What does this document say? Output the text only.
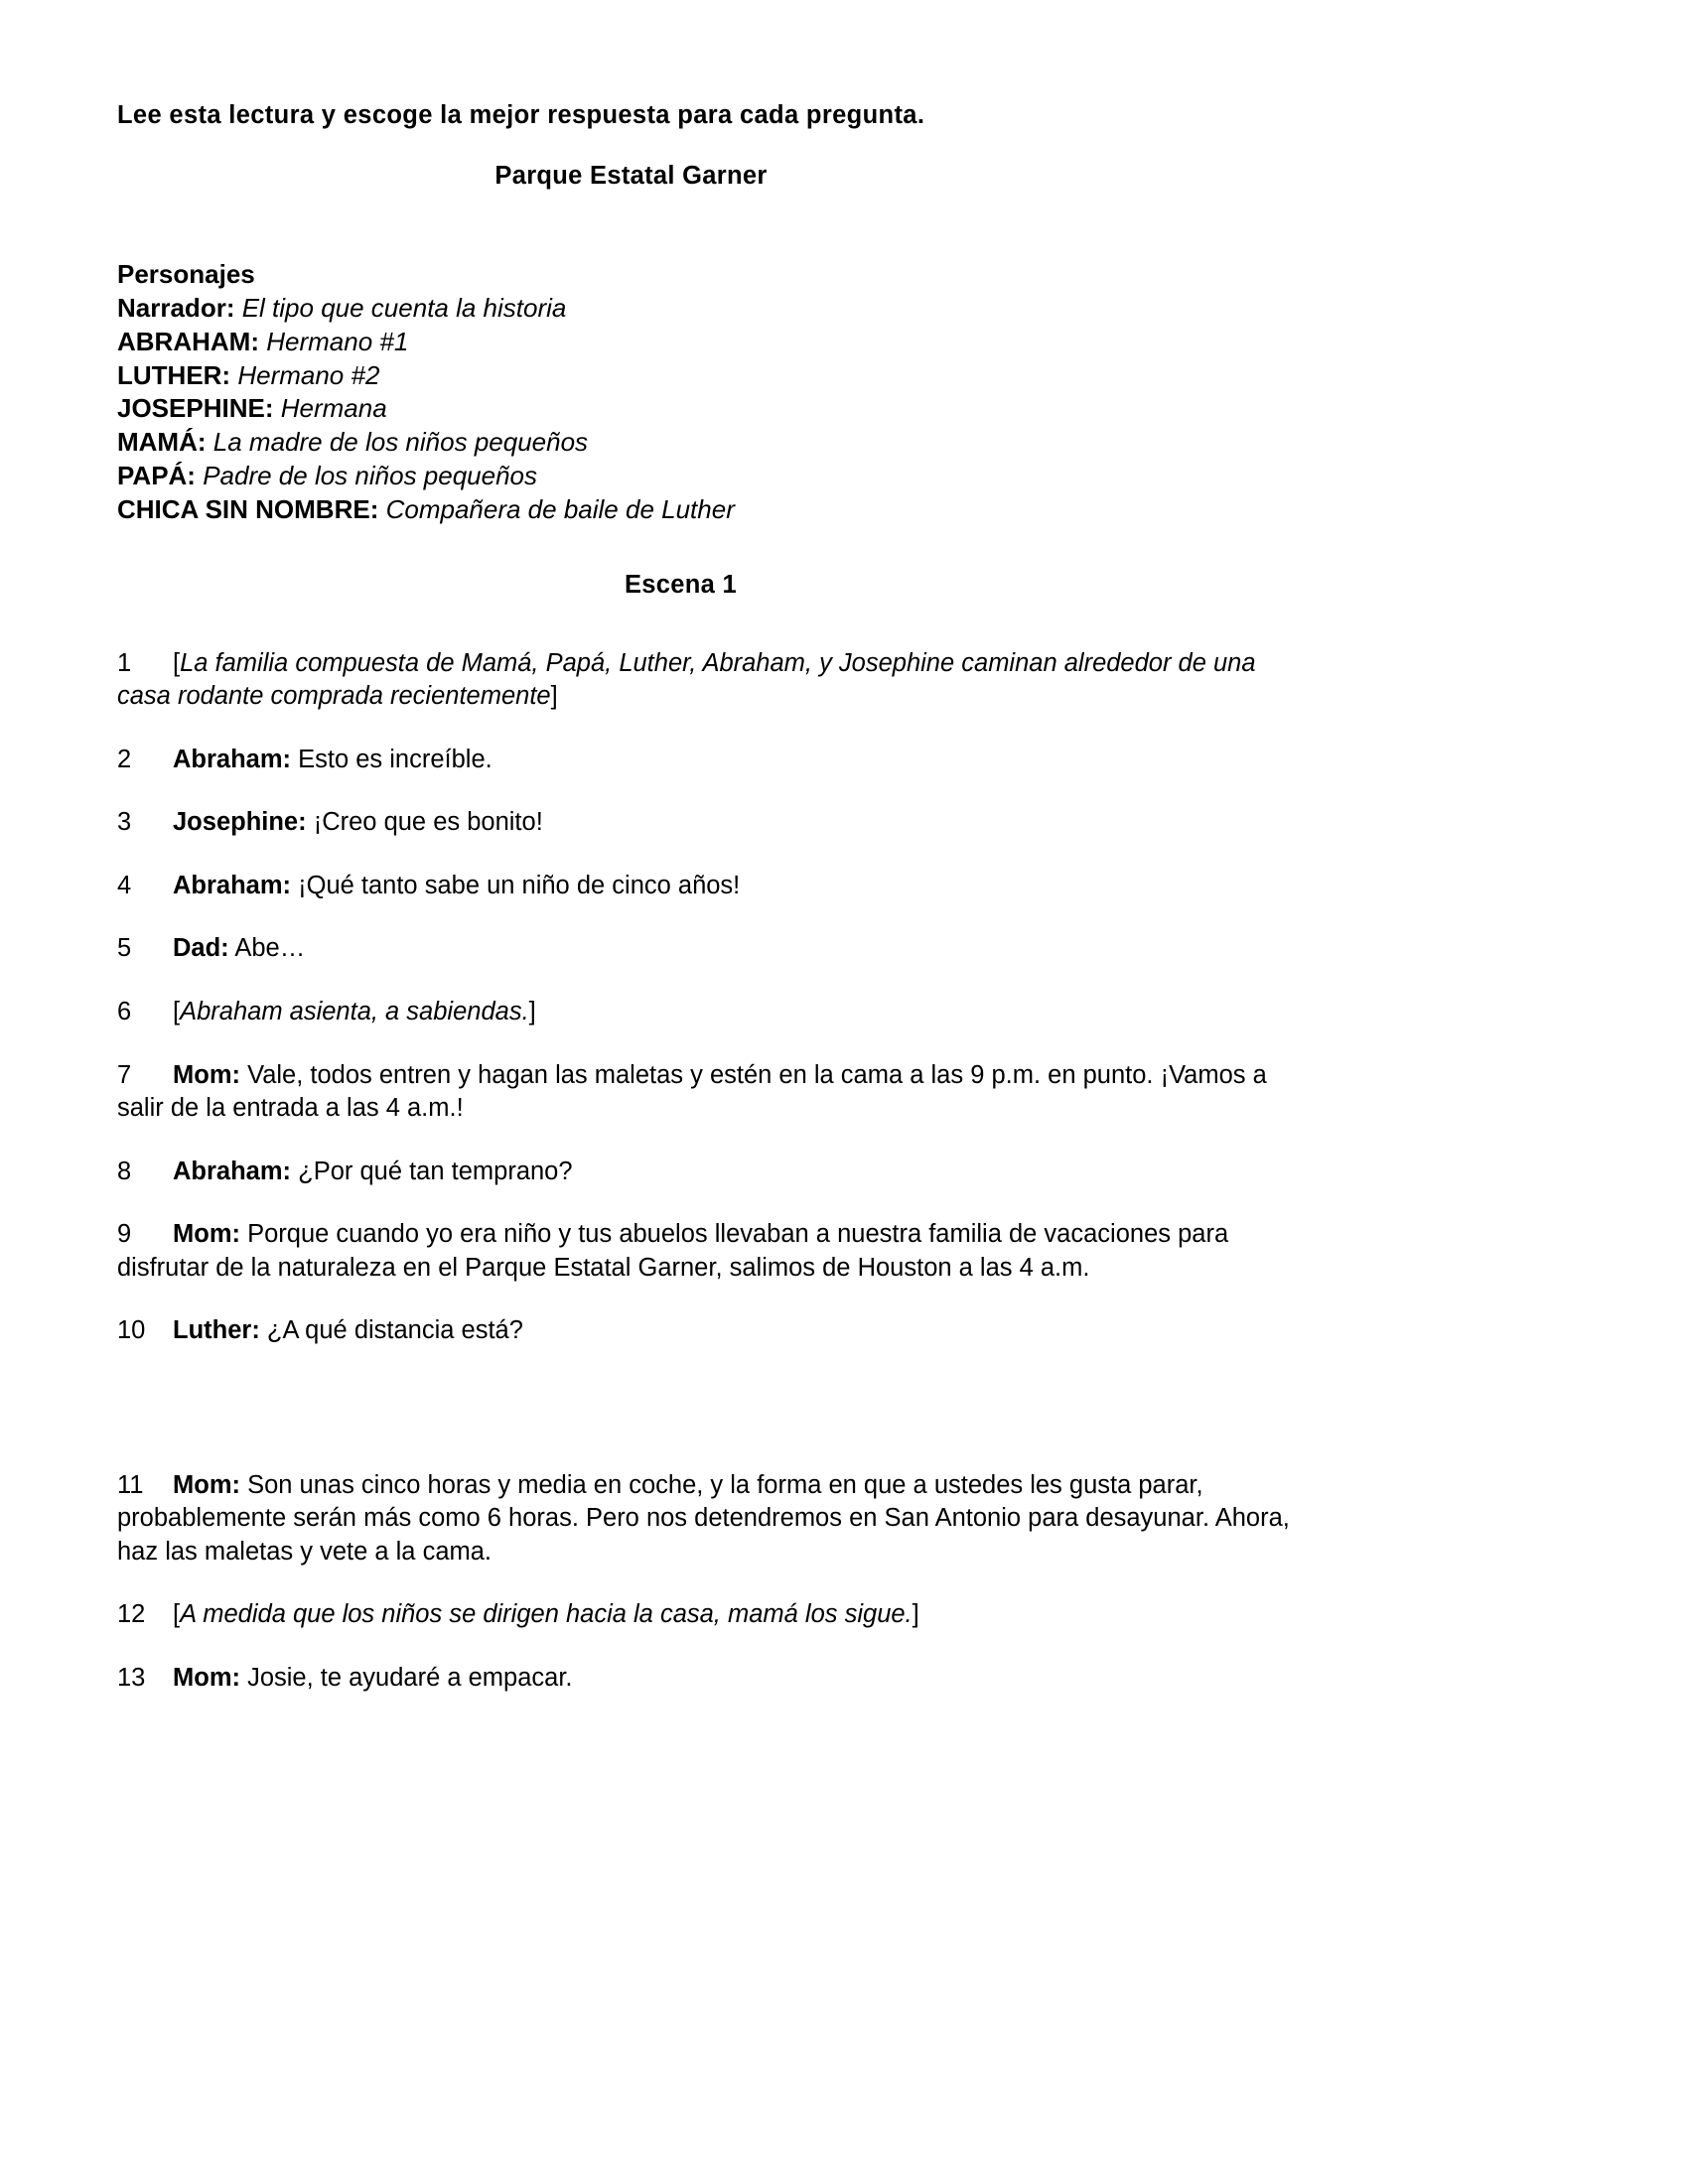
Lee esta lectura y escoge la mejor respuesta para cada pregunta.

Parque Estatal Garner

Personajes
Narrador: El tipo que cuenta la historia
ABRAHAM: Hermano #1
LUTHER: Hermano #2
JOSEPHINE: Hermana
MAMÁ: La madre de los niños pequeños
PAPÁ: Padre de los niños pequeños
CHICA SIN NOMBRE: Compañera de baile de Luther

Escena 1

1	[La familia compuesta de Mamá, Papá, Luther, Abraham, y Josephine caminan alrededor de una casa rodante comprada recientemente]
2	Abraham: Esto es increíble.
3	Josephine: ¡Creo que es bonito!
4	Abraham: ¡Qué tanto sabe un niño de cinco años!
5	Dad: Abe…
6	[Abraham asienta, a sabiendas.]
7	Mom: Vale, todos entren y hagan las maletas y estén en la cama a las 9 p.m. en punto. ¡Vamos a salir de la entrada a las 4 a.m.!
8	Abraham: ¿Por qué tan temprano?
9	Mom: Porque cuando yo era niño y tus abuelos llevaban a nuestra familia de vacaciones para disfrutar de la naturaleza en el Parque Estatal Garner, salimos de Houston a las 4 a.m.
10	Luther: ¿A qué distancia está?
11	Mom: Son unas cinco horas y media en coche, y la forma en que a ustedes les gusta parar, probablemente serán más como 6 horas. Pero nos detendremos en San Antonio para desayunar. Ahora, haz las maletas y vete a la cama.
12	[A medida que los niños se dirigen hacia la casa, mamá los sigue.]
13	Mom: Josie, te ayudaré a empacar.
